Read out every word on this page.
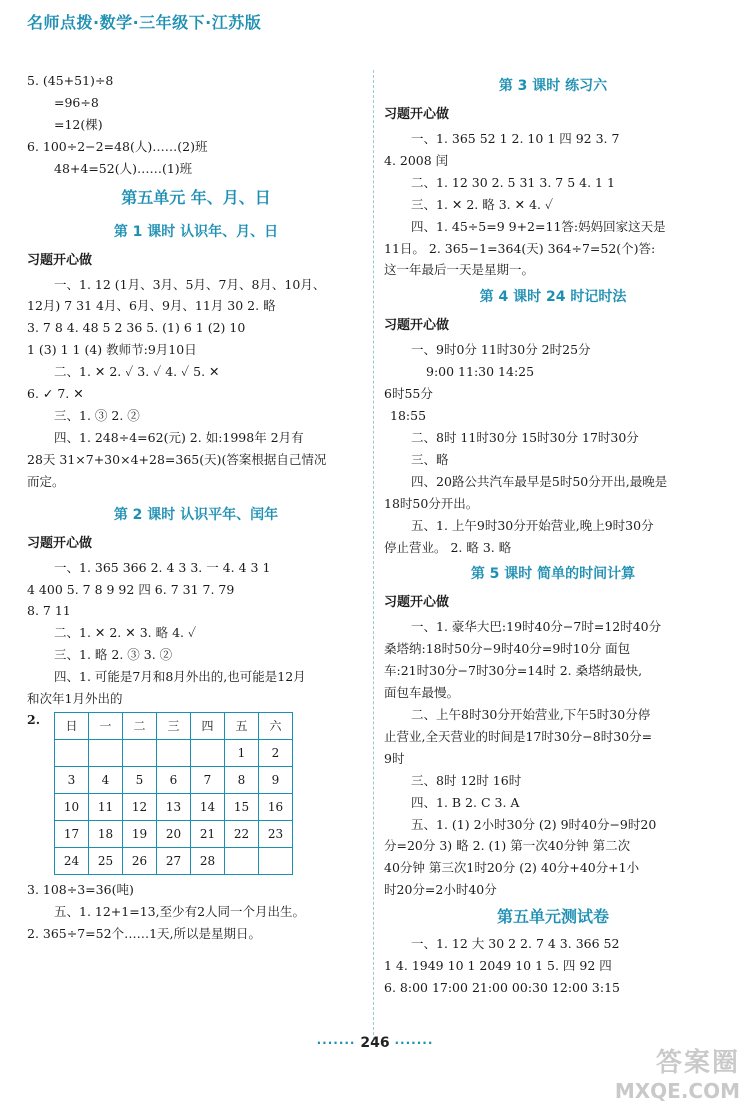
名师点拨·数学·三年级下·江苏版
5. (45+51)÷8
=96÷8
=12(棵)
6. 100÷2−2=48(人)……(2)班
48+4=52(人)……(1)班
第五单元 年、月、日
第 1 课时 认识年、月、日
习题开心做
一、1. 12 (1月、3月、5月、7月、8月、10月、
12月) 7 31 4月、6月、9月、11月 30 2. 略
3. 7 8 4. 48 5 2 36 5. (1) 6 1 (2) 10
1 (3) 1 1 (4) 教师节:9月10日
二、1. ✕ 2. ✓ 3. ✓ 4. ✓ 5. ✕
6. ✓ 7. ✕
三、1. ③ 2. ②
四、1. 248÷4=62(元) 2. 如:1998年 2月有
28天 31×7+30×4+28=365(天)(答案根据自己情况
而定。
第 2 课时 认识平年、闰年
习题开心做
一、1. 365 366 2. 4 3 3. 一 4. 4 3 1
4 400 5. 7 8 9 92 四 6. 7 31 7. 79
8. 7 11
二、1. ✕ 2. ✕ 3. 略 4. ✓
三、1. 略 2. ③ 3. ②
四、1. 可能是7月和8月外出的,也可能是12月
和次年1月外出的
2. 日	一	二	三	四	五	六
					1	2
3	4	5	6	7	8	9
10	11	12	13	14	15	16
17	18	19	20	21	22	23
24	25	26	27	28		
3. 108÷3=36(吨)
五、1. 12+1=13,至少有2人同一个月出生。
2. 365÷7=52个……1天,所以是星期日。
第 3 课时 练习六
习题开心做
一、1. 365 52 1 2. 10 1 四 92 3. 7
4. 2008 闰
二、1. 12 30 2. 5 31 3. 7 5 4. 1 1
三、1. ✕ 2. 略 3. ✕ 4. ✓
四、1. 45÷5=9 9+2=11答:妈妈回家这天是
11日。 2. 365−1=364(天) 364÷7=52(个)答:
这一年最后一天是星期一。
第 4 课时 24 时记时法
习题开心做
一、9时0分 11时30分 2时25分
9:00 11:30 14:25
6时55分
18:55
二、8时 11时30分 15时30分 17时30分
三、略
四、20路公共汽车最早是5时50分开出,最晚是
18时50分开出。
五、1. 上午9时30分开始营业,晚上9时30分
停止营业。 2. 略 3. 略
第 5 课时 简单的时间计算
习题开心做
一、1. 豪华大巴:19时40分−7时=12时40分
桑塔纳:18时50分−9时40分=9时10分 面包
车:21时30分−7时30分=14时 2. 桑塔纳最快,
面包车最慢。
二、上午8时30分开始营业,下午5时30分停
止营业,全天营业的时间是17时30分−8时30分=
9时
三、8时 12时 16时
四、1. B 2. C 3. A
五、1. (1) 2小时30分 (2) 9时40分−9时20
分=20分 3) 略 2. (1) 第一次40分钟 第二次
40分钟 第三次1时20分 (2) 40分+40分+1小
时20分=2小时40分
第五单元测试卷
一、1. 12 大 30 2 2. 7 4 3. 366 52
1 4. 1949 10 1 2049 10 1 5. 四 92 四
6. 8:00 17:00 21:00 00:30 12:00 3:15
······· 246 ·······
答案圈
MXQE.COM
